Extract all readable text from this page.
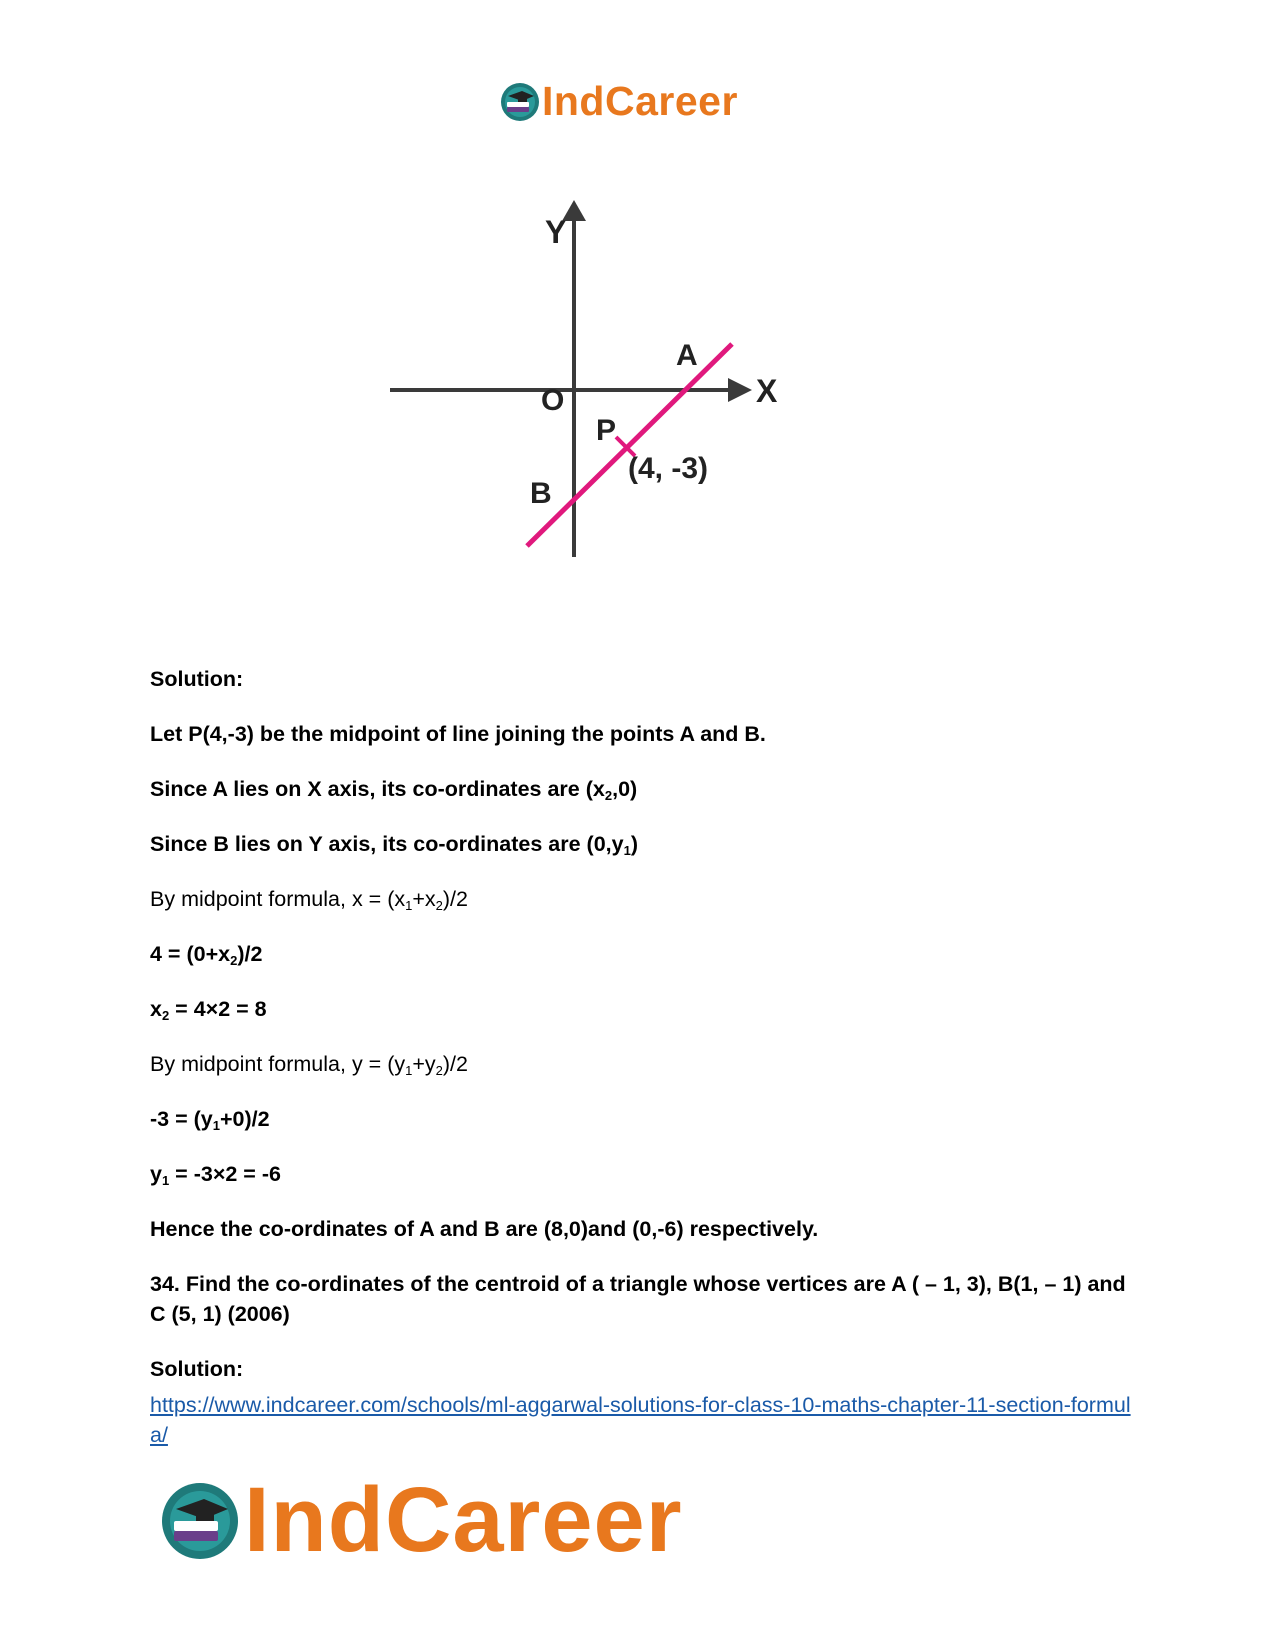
IndCareer
Y
X
O
A
B
P
(4, -3)

Solution:

Let P(4,-3) be the midpoint of line joining the points A and B.

Since A lies on X axis, its co-ordinates are $(x_2,0)$

Since B lies on Y axis, its co-ordinates are $(0,y_1)$

By midpoint formula, $x = (x_1+x_2)/2$

$4 = (0+x_2)/2$

$x_2 = 4\times 2 = 8$

By midpoint formula, $y = (y_1+y_2)/2$

$-3 = (y_1+0)/2$

$y_1 = -3\times 2 = -6$

Hence the co-ordinates of A and B are (8,0)and (0,-6) respectively.

34. Find the co-ordinates of the centroid of a triangle whose vertices are A ( – 1, 3), B(1, – 1) and C (5, 1) (2006)

Solution:

https://www.indcareer.com/schools/ml-aggarwal-solutions-for-class-10-maths-chapter-11-section-formula/

IndCareer
